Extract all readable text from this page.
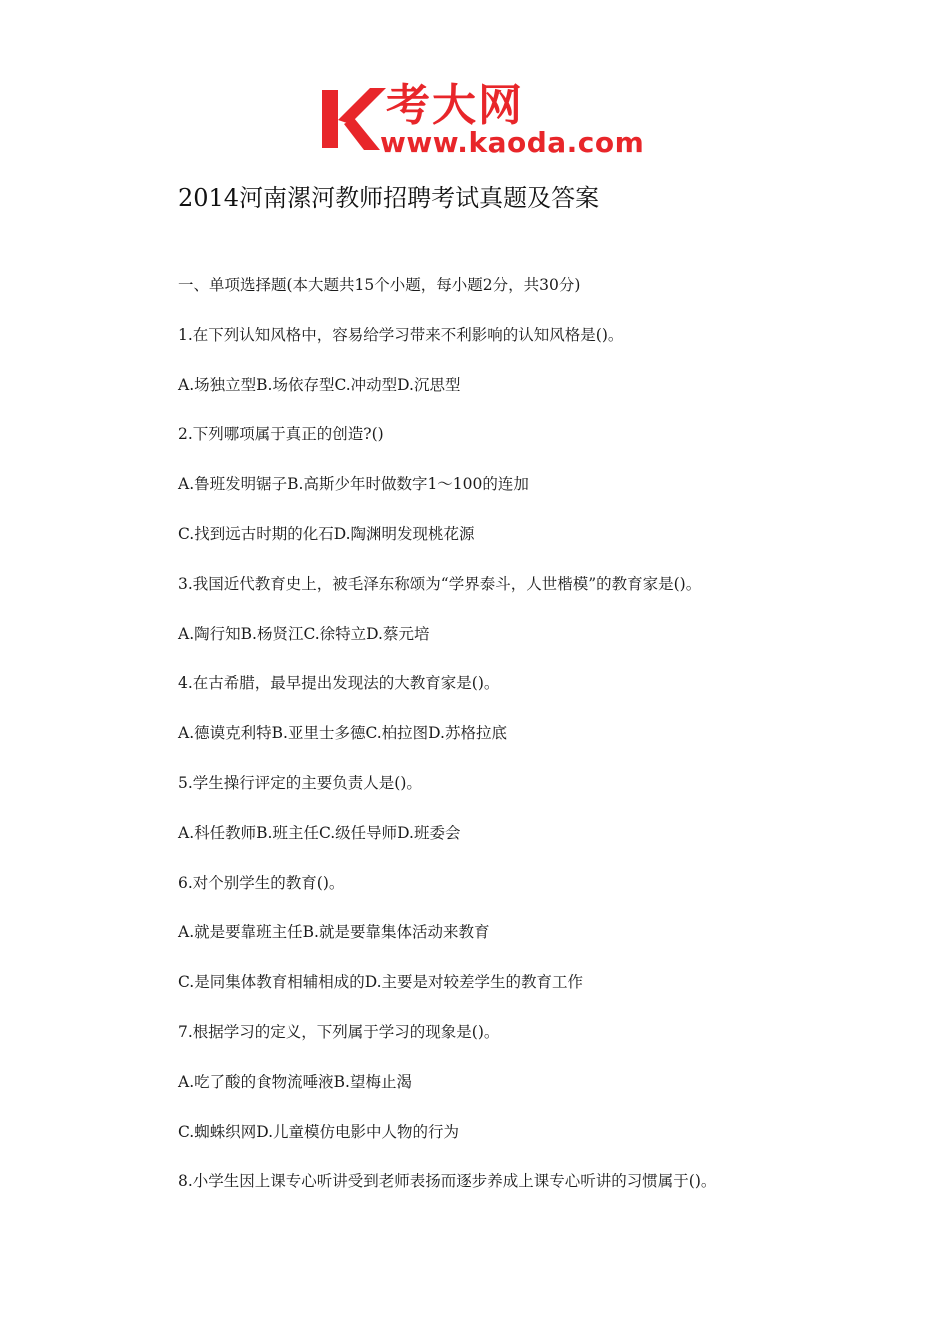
考大网
www.kaoda.com
2014河南漯河教师招聘考试真题及答案
一、单项选择题(本大题共15个小题，每小题2分，共30分)
1.在下列认知风格中，容易给学习带来不利影响的认知风格是()。
A.场独立型B.场依存型C.冲动型D.沉思型
2.下列哪项属于真正的创造?()
A.鲁班发明锯子B.高斯少年时做数字1～100的连加
C.找到远古时期的化石D.陶渊明发现桃花源
3.我国近代教育史上，被毛泽东称颂为“学界泰斗，人世楷模”的教育家是()。
A.陶行知B.杨贤江C.徐特立D.蔡元培
4.在古希腊，最早提出发现法的大教育家是()。
A.德谟克利特B.亚里士多德C.柏拉图D.苏格拉底
5.学生操行评定的主要负责人是()。
A.科任教师B.班主任C.级任导师D.班委会
6.对个别学生的教育()。
A.就是要靠班主任B.就是要靠集体活动来教育
C.是同集体教育相辅相成的D.主要是对较差学生的教育工作
7.根据学习的定义，下列属于学习的现象是()。
A.吃了酸的食物流唾液B.望梅止渴
C.蜘蛛织网D.儿童模仿电影中人物的行为
8.小学生因上课专心听讲受到老师表扬而逐步养成上课专心听讲的习惯属于()。
